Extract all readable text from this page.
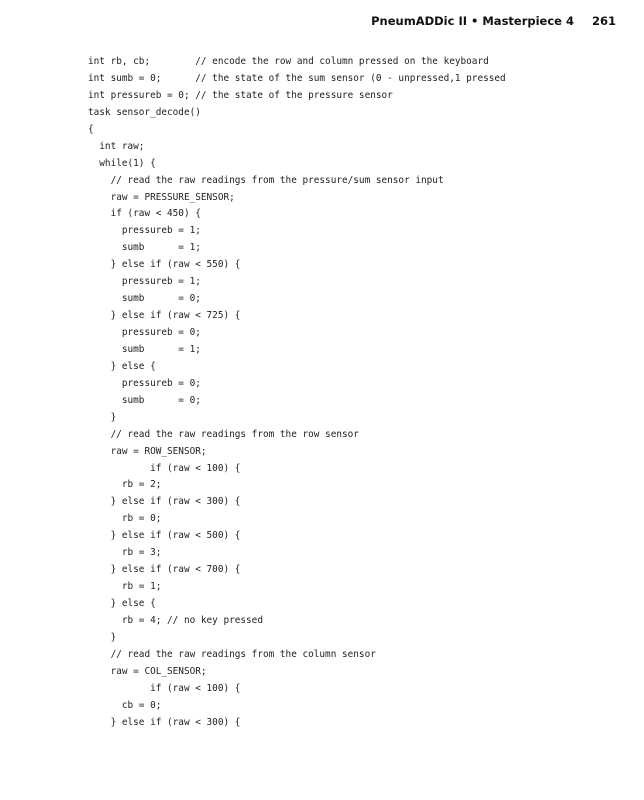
PneumADDic II • Masterpiece 4 261
int rb, cb;        // encode the row and column pressed on the keyboard
int sumb = 0;      // the state of the sum sensor (0 - unpressed,1 pressed
int pressureb = 0; // the state of the pressure sensor
task sensor_decode()
{
int raw;
while(1) {
// read the raw readings from the pressure/sum sensor input
raw = PRESSURE_SENSOR;
if (raw < 450) {
pressureb = 1;
sumb      = 1;
} else if (raw < 550) {
pressureb = 1;
sumb      = 0;
} else if (raw < 725) {
pressureb = 0;
sumb      = 1;
} else {
pressureb = 0;
sumb      = 0;
}
// read the raw readings from the row sensor
raw = ROW_SENSOR;
if (raw < 100) {
rb = 2;
} else if (raw < 300) {
rb = 0;
} else if (raw < 500) {
rb = 3;
} else if (raw < 700) {
rb = 1;
} else {
rb = 4; // no key pressed
}
// read the raw readings from the column sensor
raw = COL_SENSOR;
if (raw < 100) {
cb = 0;
} else if (raw < 300) {
